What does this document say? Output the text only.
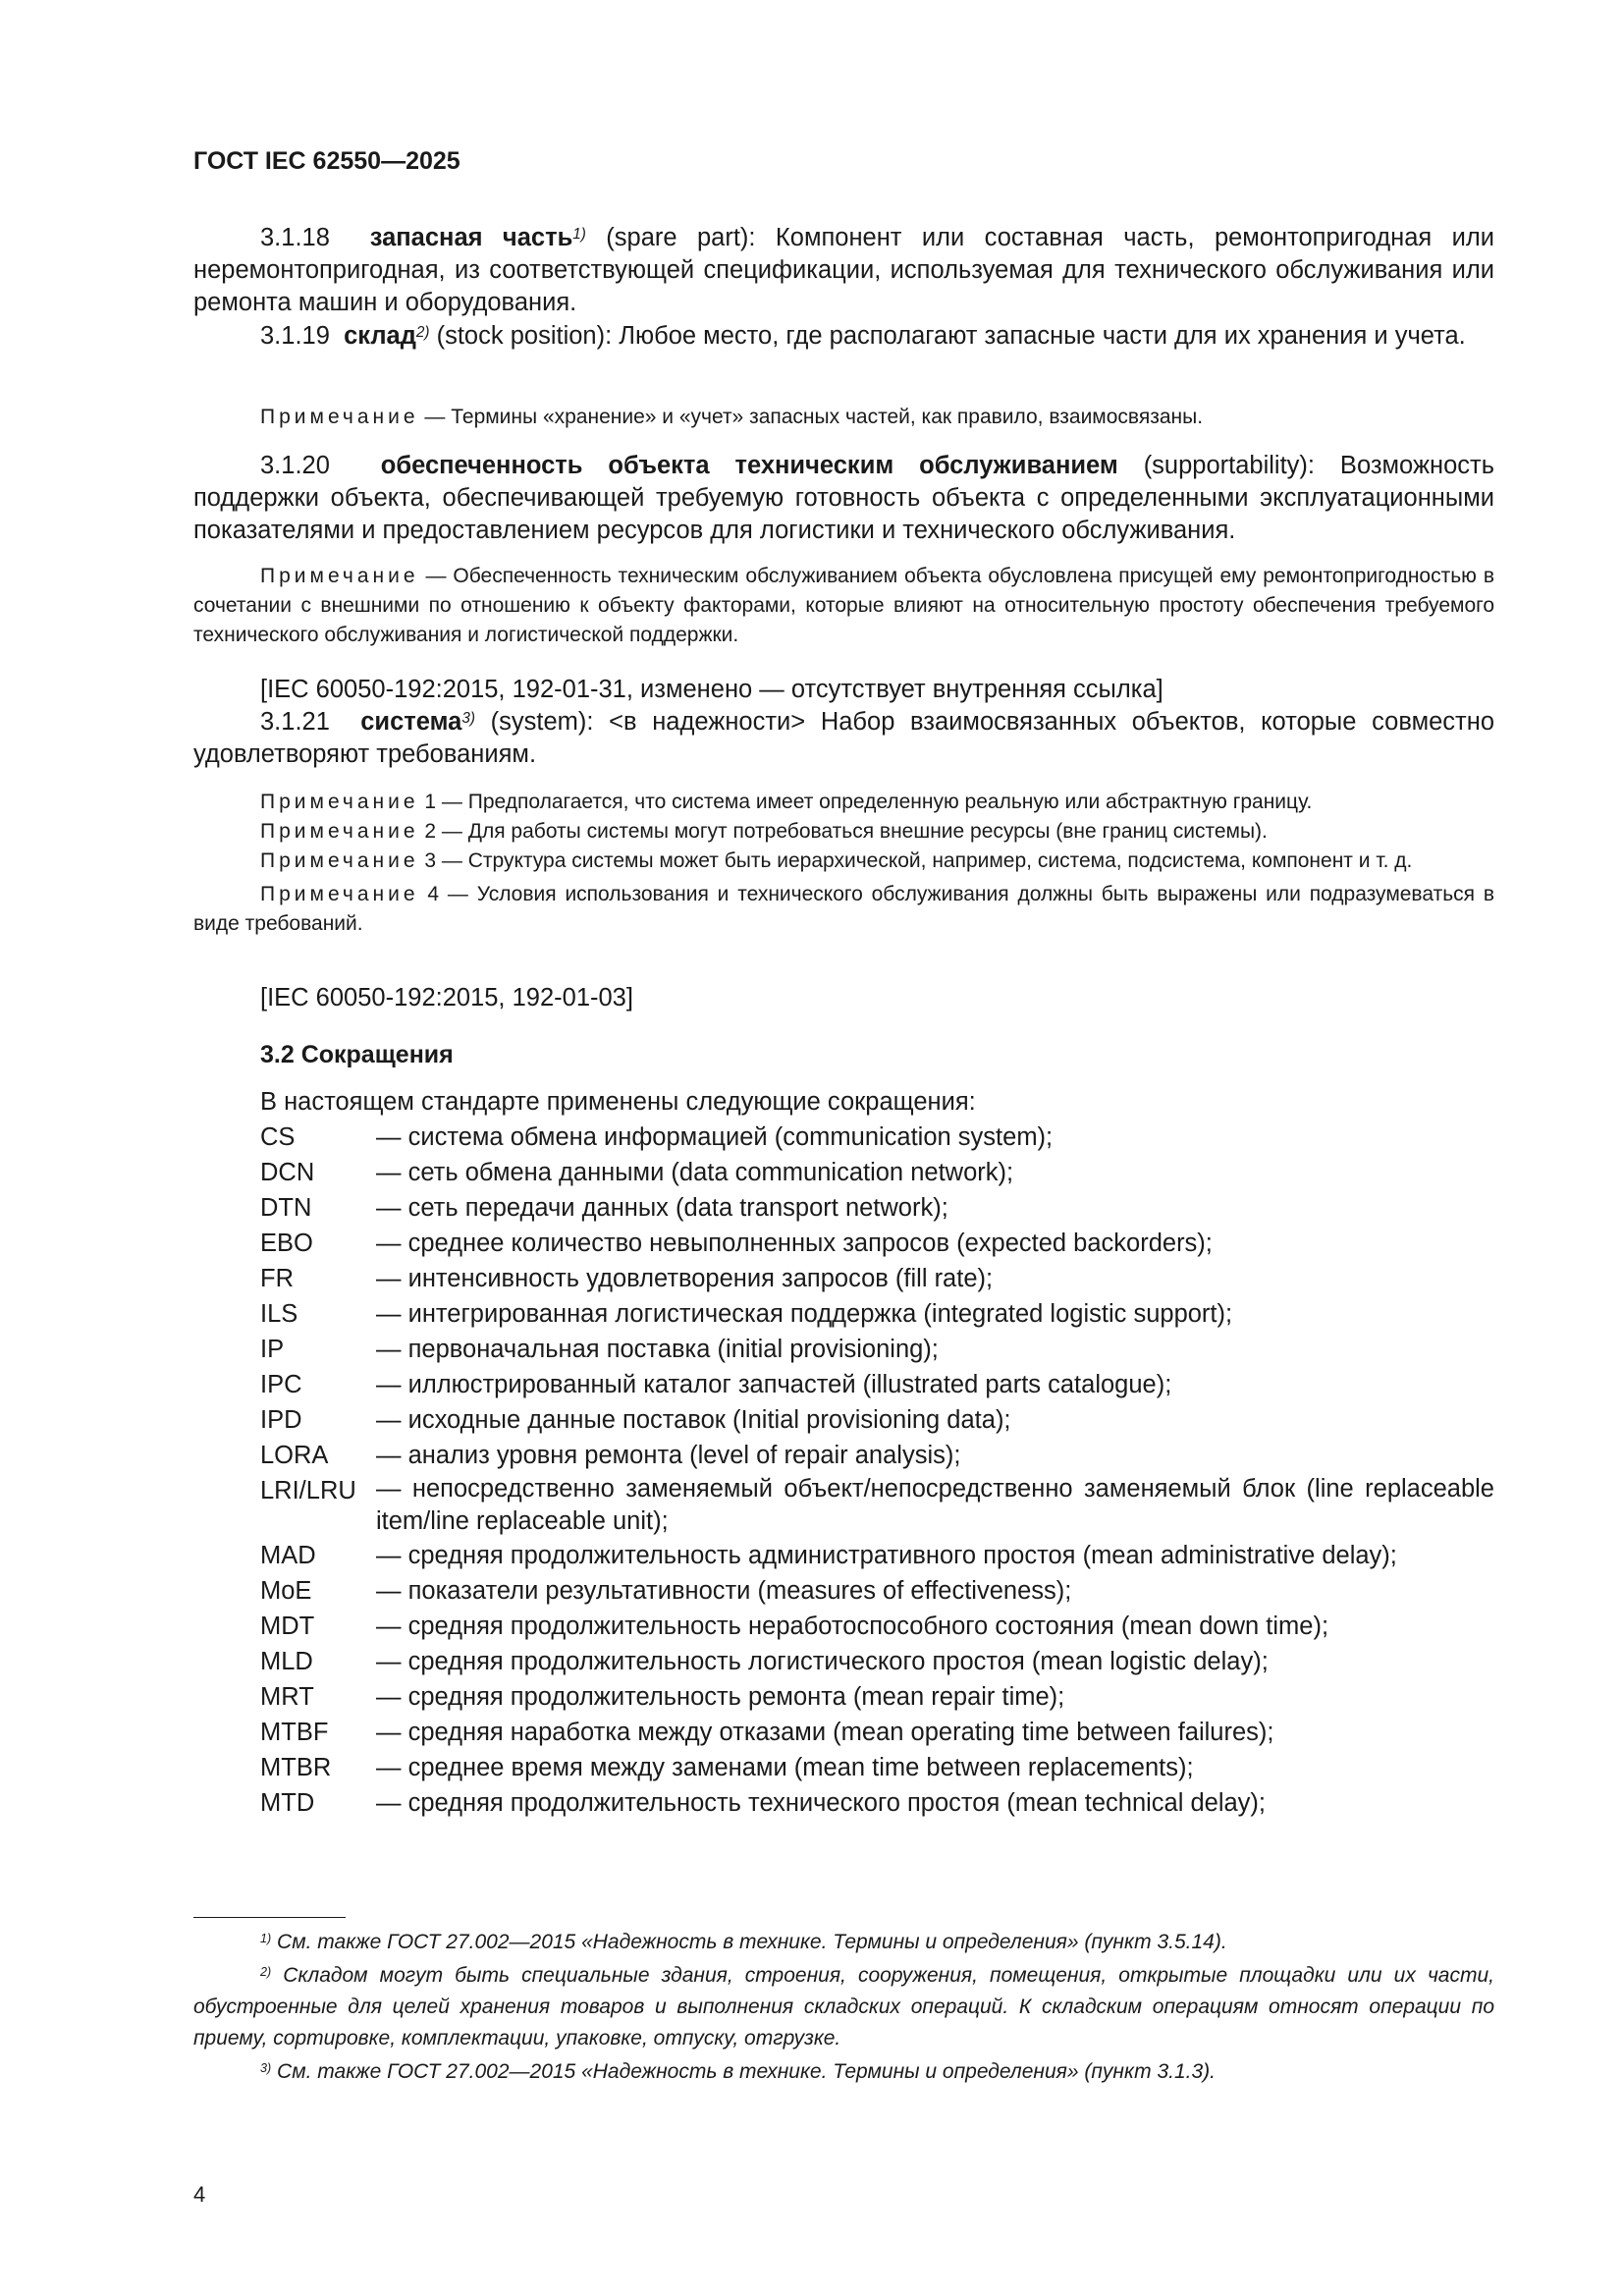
ГОСТ IEC 62550—2025

3.1.18 запасная часть$^{1)}$ (spare part): Компонент или составная часть, ремонтопригодная или неремонтопригодная, из соответствующей спецификации, используемая для технического обслуживания или ремонта машин и оборудования.

3.1.19 склад$^{2)}$ (stock position): Любое место, где располагают запасные части для их хранения и учета.

Примечание — Термины «хранение» и «учет» запасных частей, как правило, взаимосвязаны.

3.1.20 обеспеченность объекта техническим обслуживанием (supportability): Возможность поддержки объекта, обеспечивающей требуемую готовность объекта с определенными эксплуатационными показателями и предоставлением ресурсов для логистики и технического обслуживания.

Примечание — Обеспеченность техническим обслуживанием объекта обусловлена присущей ему ремонтопригодностью в сочетании с внешними по отношению к объекту факторами, которые влияют на относительную простоту обеспечения требуемого технического обслуживания и логистической поддержки.

[IEC 60050-192:2015, 192-01-31, изменено — отсутствует внутренняя ссылка]

3.1.21 система$^{3)}$ (system): <в надежности> Набор взаимосвязанных объектов, которые совместно удовлетворяют требованиям.

Примечание 1 — Предполагается, что система имеет определенную реальную или абстрактную границу.

Примечание 2 — Для работы системы могут потребоваться внешние ресурсы (вне границ системы).

Примечание 3 — Структура системы может быть иерархической, например, система, подсистема, компонент и т. д.

Примечание 4 — Условия использования и технического обслуживания должны быть выражены или подразумеваться в виде требований.

[IEC 60050-192:2015, 192-01-03]

3.2 Сокращения

В настоящем стандарте применены следующие сокращения:

CS	— система обмена информацией (communication system);
DCN	— сеть обмена данными (data communication network);
DTN	— сеть передачи данных (data transport network);
EBO	— среднее количество невыполненных запросов (expected backorders);
FR	— интенсивность удовлетворения запросов (fill rate);
ILS	— интегрированная логистическая поддержка (integrated logistic support);
IP	— первоначальная поставка (initial provisioning);
IPC	— иллюстрированный каталог запчастей (illustrated parts catalogue);
IPD	— исходные данные поставок (Initial provisioning data);
LORA	— анализ уровня ремонта (level of repair analysis);
LRI/LRU — непосредственно заменяемый объект/непосредственно заменяемый блок (line replaceable item/line replaceable unit);
MAD	— средняя продолжительность административного простоя (mean administrative delay);
MoE	— показатели результативности (measures of effectiveness);
MDT	— средняя продолжительность неработоспособного состояния (mean down time);
MLD	— средняя продолжительность логистического простоя (mean logistic delay);
MRT	— средняя продолжительность ремонта (mean repair time);
MTBF	— средняя наработка между отказами (mean operating time between failures);
MTBR	— среднее время между заменами (mean time between replacements);
MTD	— средняя продолжительность технического простоя (mean technical delay);

$^{1)}$ См. также ГОСТ 27.002—2015 «Надежность в технике. Термины и определения» (пункт 3.5.14).

$^{2)}$ Складом могут быть специальные здания, строения, сооружения, помещения, открытые площадки или их части, обустроенные для целей хранения товаров и выполнения складских операций. К складским операциям относят операции по приему, сортировке, комплектации, упаковке, отпуску, отгрузке.

$^{3)}$ См. также ГОСТ 27.002—2015 «Надежность в технике. Термины и определения» (пункт 3.1.3).

4
